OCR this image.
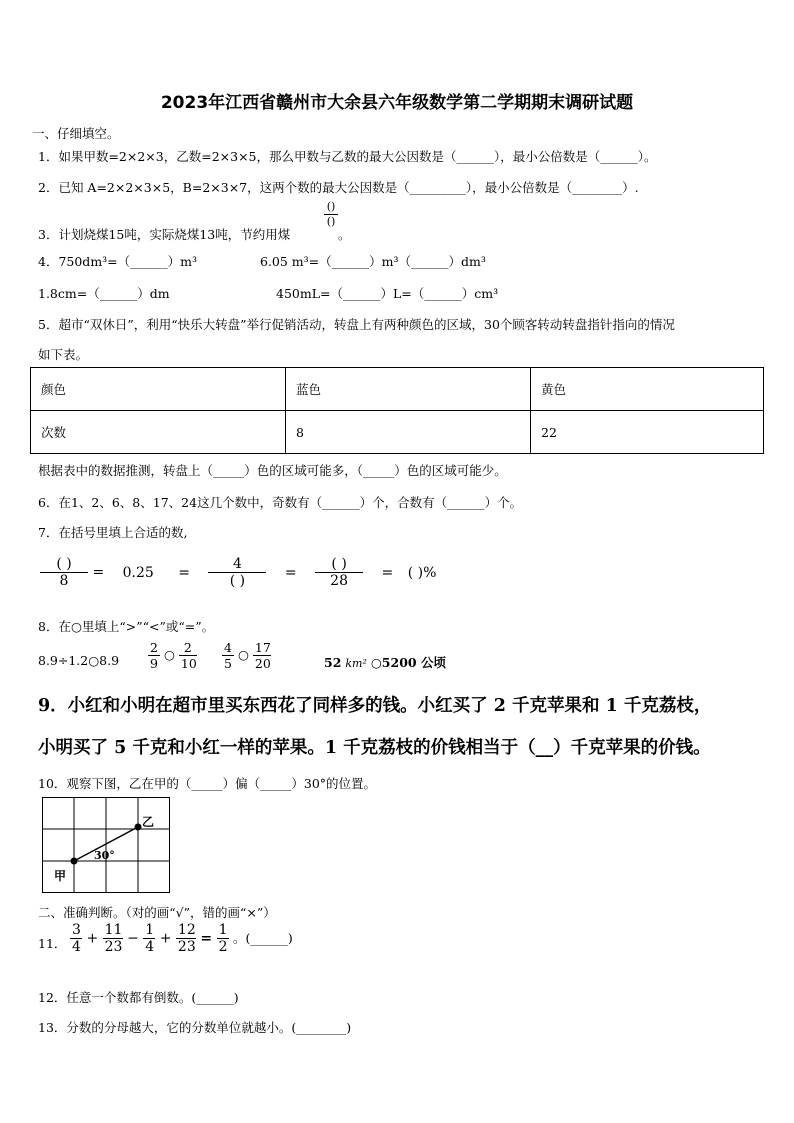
2023年江西省赣州市大余县六年级数学第二学期期末调研试题
一、仔细填空。
1．如果甲数=2×2×3，乙数=2×3×5，那么甲数与乙数的最大公因数是（______），最小公倍数是（______）。
2．已知 A=2×2×3×5，B=2×3×7，这两个数的最大公因数是（_________），最小公倍数是（________）.
3．计划烧煤15吨，实际烧煤13吨，节约用煤
()
()
。
4．750dm³=（______）m³	6.05 m³=（______）m³（______）dm³
1.8cm=（______）dm	450mL=（______）L=（______）cm³
5．超市“双休日”，利用“快乐大转盘”举行促销活动，转盘上有两种颜色的区域，30个顾客转动转盘指针指向的情况
如下表。
颜色	蓝色	黄色
次数	8	22
根据表中的数据推测，转盘上（_____）色的区域可能多，（_____）色的区域可能少。
6．在1、2、6、8、17、24这几个数中，奇数有（______）个，合数有（______）个。
7．在括号里填上合适的数,
$\frac{( )}{8} = 0.25 = \frac{4}{( )} = \frac{( )}{28}$ = ( )%
8．在○里填上“>”“<”或“=”。
8.9÷1.2○8.9 $\frac{2}{9}$ ○ $\frac{2}{10} \frac{4}{5}$ ○ $\frac{17}{20}$	52 km² ○5200 公顷
9．小红和小明在超市里买东西花了同样多的钱。小红买了 2 千克苹果和 1 千克荔枝，
小明买了 5 千克和小红一样的苹果。1 千克荔枝的价钱相当于（__）千克苹果的价钱。
10．观察下图，乙在甲的（_____）偏（_____）30°的位置。
甲
乙
30°
二、准确判断。（对的画“√”，错的画“×”）
11． $\frac{3}{4} + \frac{11}{23} - \frac{1}{4} + \frac{12}{23} = \frac{1}{2}$ 。(______)
12．任意一个数都有倒数。(______)
13．分数的分母越大，它的分数单位就越小。(________)
